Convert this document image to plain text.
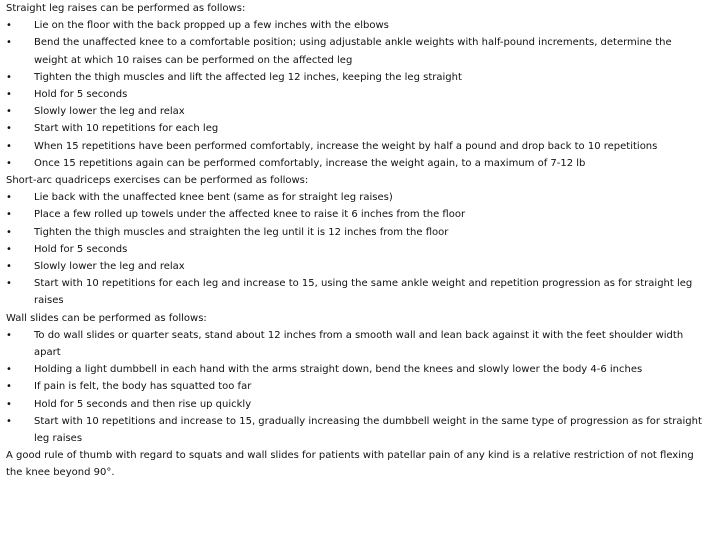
Straight leg raises can be performed as follows:
•	Lie on the floor with the back propped up a few inches with the elbows
•	Bend the unaffected knee to a comfortable position; using adjustable ankle weights with half-pound increments, determine the weight at which 10 raises can be performed on the affected leg
•	Tighten the thigh muscles and lift the affected leg 12 inches, keeping the leg straight
•	Hold for 5 seconds
•	Slowly lower the leg and relax
•	Start with 10 repetitions for each leg
•	When 15 repetitions have been performed comfortably, increase the weight by half a pound and drop back to 10 repetitions
•	Once 15 repetitions again can be performed comfortably, increase the weight again, to a maximum of 7-12 lb
Short-arc quadriceps exercises can be performed as follows:
•	Lie back with the unaffected knee bent (same as for straight leg raises)
•	Place a few rolled up towels under the affected knee to raise it 6 inches from the floor
•	Tighten the thigh muscles and straighten the leg until it is 12 inches from the floor
•	Hold for 5 seconds
•	Slowly lower the leg and relax
•	Start with 10 repetitions for each leg and increase to 15, using the same ankle weight and repetition progression as for straight leg raises
Wall slides can be performed as follows:
•	To do wall slides or quarter seats, stand about 12 inches from a smooth wall and lean back against it with the feet shoulder width apart
•	Holding a light dumbbell in each hand with the arms straight down, bend the knees and slowly lower the body 4-6 inches
•	If pain is felt, the body has squatted too far
•	Hold for 5 seconds and then rise up quickly
•	Start with 10 repetitions and increase to 15, gradually increasing the dumbbell weight in the same type of progression as for straight leg raises
A good rule of thumb with regard to squats and wall slides for patients with patellar pain of any kind is a relative restriction of not flexing the knee beyond 90°.
